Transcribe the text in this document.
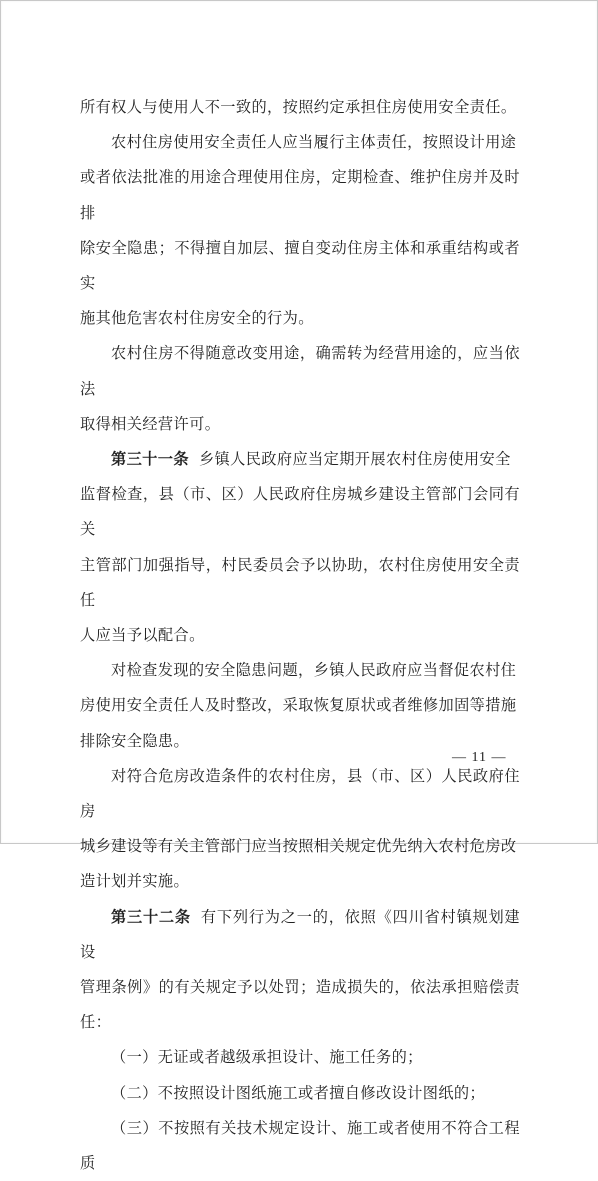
所有权人与使用人不一致的，按照约定承担住房使用安全责任。

农村住房使用安全责任人应当履行主体责任，按照设计用途

或者依法批准的用途合理使用住房，定期检查、维护住房并及时排

除安全隐患；不得擅自加层、擅自变动住房主体和承重结构或者实

施其他危害农村住房安全的行为。

农村住房不得随意改变用途，确需转为经营用途的，应当依法

取得相关经营许可。

第三十一条 乡镇人民政府应当定期开展农村住房使用安全

监督检查，县（市、区）人民政府住房城乡建设主管部门会同有关

主管部门加强指导，村民委员会予以协助，农村住房使用安全责任

人应当予以配合。

对检查发现的安全隐患问题，乡镇人民政府应当督促农村住

房使用安全责任人及时整改，采取恢复原状或者维修加固等措施

排除安全隐患。

对符合危房改造条件的农村住房，县（市、区）人民政府住房

城乡建设等有关主管部门应当按照相关规定优先纳入农村危房改

造计划并实施。

第三十二条 有下列行为之一的，依照《四川省村镇规划建设

管理条例》的有关规定予以处罚；造成损失的，依法承担赔偿责任：

（一）无证或者越级承担设计、施工任务的；

（二）不按照设计图纸施工或者擅自修改设计图纸的；

（三）不按照有关技术规定设计、施工或者使用不符合工程质

— 11 —
